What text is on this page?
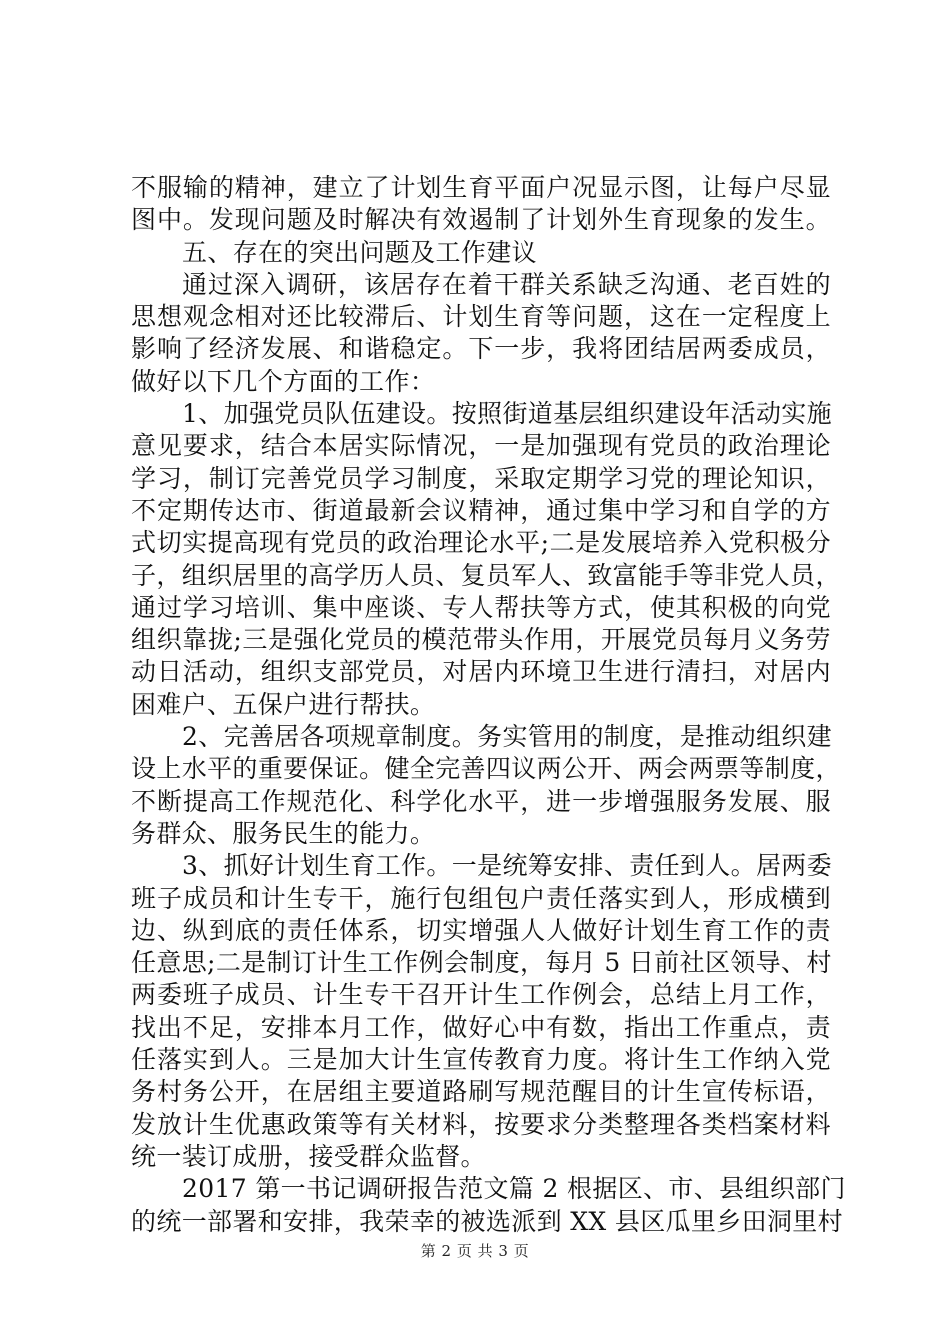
不服输的精神，建立了计划生育平面户况显示图，让每户尽显
图中。发现问题及时解决有效遏制了计划外生育现象的发生。
五、存在的突出问题及工作建议
通过深入调研，该居存在着干群关系缺乏沟通、老百姓的
思想观念相对还比较滞后、计划生育等问题，这在一定程度上
影响了经济发展、和谐稳定。下一步，我将团结居两委成员，
做好以下几个方面的工作：
1、加强党员队伍建设。按照街道基层组织建设年活动实施
意见要求，结合本居实际情况，一是加强现有党员的政治理论
学习，制订完善党员学习制度，采取定期学习党的理论知识，
不定期传达市、街道最新会议精神，通过集中学习和自学的方
式切实提高现有党员的政治理论水平;二是发展培养入党积极分
子，组织居里的高学历人员、复员军人、致富能手等非党人员，
通过学习培训、集中座谈、专人帮扶等方式，使其积极的向党
组织靠拢;三是强化党员的模范带头作用，开展党员每月义务劳
动日活动，组织支部党员，对居内环境卫生进行清扫，对居内
困难户、五保户进行帮扶。
2、完善居各项规章制度。务实管用的制度，是推动组织建
设上水平的重要保证。健全完善四议两公开、两会两票等制度，
不断提高工作规范化、科学化水平，进一步增强服务发展、服
务群众、服务民生的能力。
3、抓好计划生育工作。一是统筹安排、责任到人。居两委
班子成员和计生专干，施行包组包户责任落实到人，形成横到
边、纵到底的责任体系，切实增强人人做好计划生育工作的责
任意思;二是制订计生工作例会制度，每月 5 日前社区领导、村
两委班子成员、计生专干召开计生工作例会，总结上月工作，
找出不足，安排本月工作，做好心中有数，指出工作重点，责
任落实到人。三是加大计生宣传教育力度。将计生工作纳入党
务村务公开，在居组主要道路刷写规范醒目的计生宣传标语，
发放计生优惠政策等有关材料，按要求分类整理各类档案材料
统一装订成册，接受群众监督。
2017 第一书记调研报告范文篇 2 根据区、市、县组织部门
的统一部署和安排，我荣幸的被选派到 XX 县区瓜里乡田洞里村
第 2 页 共 3 页
